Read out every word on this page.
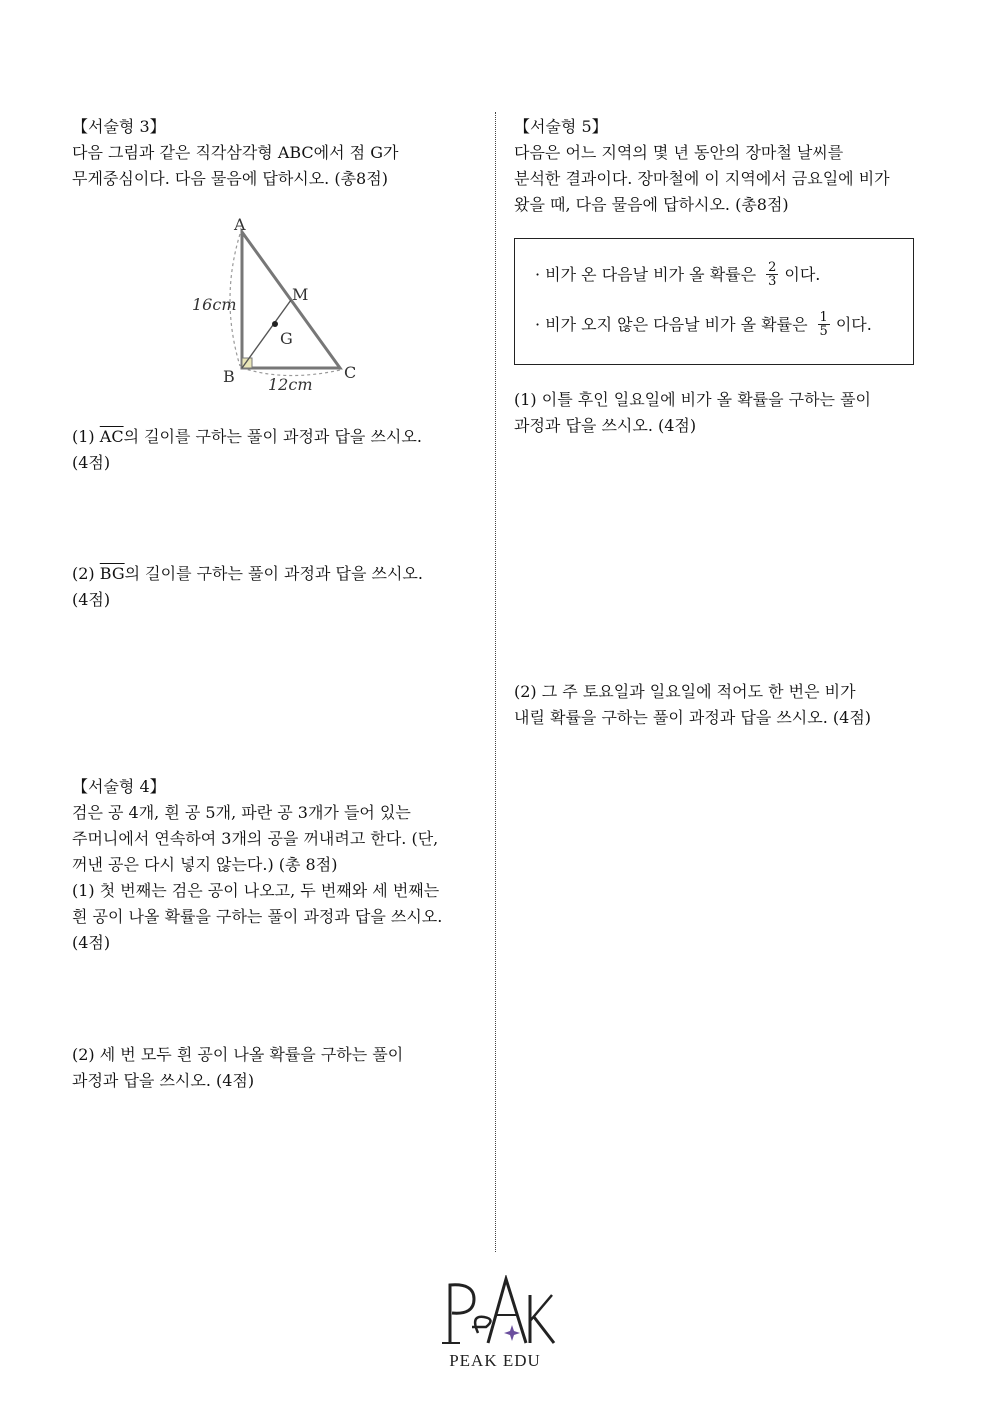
【서술형 3】

다음 그림과 같은 직각삼각형 ABC에서 점 G가

무게중심이다. 다음 물음에 답하시오. (총8점)

A
B	C
M
G
16cm
12cm

(1) $\overline{AC}$의 길이를 구하는 풀이 과정과 답을 쓰시오.

(4점)

(2) $\overline{BG}$의 길이를 구하는 풀이 과정과 답을 쓰시오.

(4점)

【서술형 4】

검은 공 4개, 흰 공 5개, 파란 공 3개가 들어 있는

주머니에서 연속하여 3개의 공을 꺼내려고 한다. (단,

꺼낸 공은 다시 넣지 않는다.) (총 8점)

(1) 첫 번째는 검은 공이 나오고, 두 번째와 세 번째는

흰 공이 나올 확률을 구하는 풀이 과정과 답을 쓰시오.

(4점)

(2) 세 번 모두 흰 공이 나올 확률을 구하는 풀이

과정과 답을 쓰시오. (4점)

【서술형 5】

다음은 어느 지역의 몇 년 동안의 장마철 날씨를

분석한 결과이다. 장마철에 이 지역에서 금요일에 비가

왔을 때, 다음 물음에 답하시오. (총8점)

· 비가 온 다음날 비가 올 확률은 $\frac{2}{3}$ 이다.
· 비가 오지 않은 다음날 비가 올 확률은 $\frac{1}{5}$ 이다.

(1) 이틀 후인 일요일에 비가 올 확률을 구하는 풀이

과정과 답을 쓰시오. (4점)

(2) 그 주 토요일과 일요일에 적어도 한 번은 비가

내릴 확률을 구하는 풀이 과정과 답을 쓰시오. (4점)

PEAK EDU
